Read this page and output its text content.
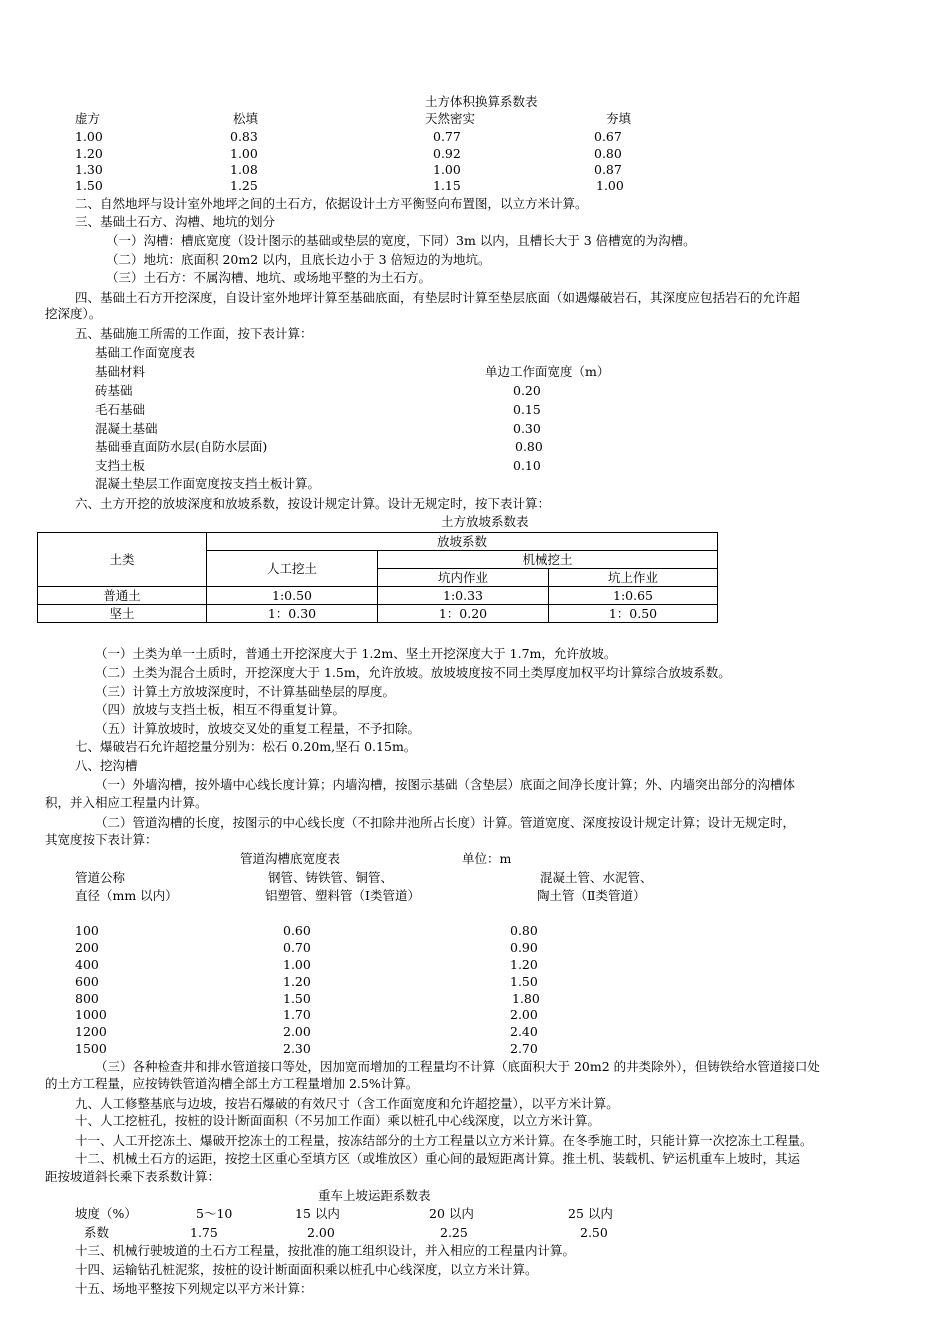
土方体积换算系数表
虚方	松填	天然密实	夯填
1.00	0.83	0.77	0.67
1.20	1.00	0.92	0.80
1.30	1.08	1.00	0.87
1.50	1.25	1.15	1.00
二、自然地坪与设计室外地坪之间的土石方，依据设计土方平衡竖向布置图，以立方米计算。
三、基础土石方、沟槽、地坑的划分
（一）沟槽：槽底宽度（设计图示的基础或垫层的宽度，下同）3m 以内，且槽长大于 3 倍槽宽的为沟槽。
（二）地坑：底面积 20m2 以内，且底长边小于 3 倍短边的为地坑。
（三）土石方：不属沟槽、地坑、或场地平整的为土石方。
四、基础土石方开挖深度，自设计室外地坪计算至基础底面，有垫层时计算至垫层底面（如遇爆破岩石，其深度应包括岩石的允许超
挖深度）。
五、基础施工所需的工作面，按下表计算：
基础工作面宽度表
基础材料	单边工作面宽度（m）
砖基础	0.20
毛石基础	0.15
混凝土基础	0.30
基础垂直面防水层(自防水层面)	0.80
支挡土板	0.10
混凝土垫层工作面宽度按支挡土板计算。
六、土方开挖的放坡深度和放坡系数，按设计规定计算。设计无规定时，按下表计算：
土方放坡系数表
土类	放坡系数		
	人工挖土	机械挖土	
		坑内作业	坑上作业
普通土	1:0.50	1:0.33	1:0.65
坚土	1：0.30	1：0.20	1：0.50
（一）土类为单一土质时，普通土开挖深度大于 1.2m、坚土开挖深度大于 1.7m，允许放坡。
（二）土类为混合土质时，开挖深度大于 1.5m，允许放坡。放坡坡度按不同土类厚度加权平均计算综合放坡系数。
（三）计算土方放坡深度时，不计算基础垫层的厚度。
（四）放坡与支挡土板，相互不得重复计算。
（五）计算放坡时，放坡交叉处的重复工程量，不予扣除。
七、爆破岩石允许超挖量分别为：松石 0.20m,坚石 0.15m。
八、挖沟槽
（一）外墙沟槽，按外墙中心线长度计算；内墙沟槽，按图示基础（含垫层）底面之间净长度计算；外、内墙突出部分的沟槽体
积，并入相应工程量内计算。
（二）管道沟槽的长度，按图示的中心线长度（不扣除井池所占长度）计算。管道宽度、深度按设计规定计算；设计无规定时，
其宽度按下表计算：
管道沟槽底宽度表	单位：m
管道公称	钢管、铸铁管、铜管、	混凝土管、水泥管、
直径（mm 以内）	铝塑管、塑料管（Ⅰ类管道）	陶土管（Ⅱ类管道）
100	0.60	0.80
200	0.70	0.90
400	1.00	1.20
600	1.20	1.50
800	1.50	1.80
1000	1.70	2.00
1200	2.00	2.40
1500	2.30	2.70
（三）各种检查井和排水管道接口等处，因加宽而增加的工程量均不计算（底面积大于 20m2 的井类除外），但铸铁给水管道接口处
的土方工程量，应按铸铁管道沟槽全部土方工程量增加 2.5%计算。
九、人工修整基底与边坡，按岩石爆破的有效尺寸（含工作面宽度和允许超挖量），以平方米计算。
十、人工挖桩孔，按桩的设计断面面积（不另加工作面）乘以桩孔中心线深度，以立方米计算。
十一、人工开挖冻土、爆破开挖冻土的工程量，按冻结部分的土方工程量以立方米计算。在冬季施工时，只能计算一次挖冻土工程量。
十二、机械土石方的运距，按挖土区重心至填方区（或堆放区）重心间的最短距离计算。推土机、装载机、铲运机重车上坡时，其运
距按坡道斜长乘下表系数计算：
重车上坡运距系数表
坡度（%）	5～10	15 以内	20 以内	25 以内
系数	1.75	2.00	2.25	2.50
十三、机械行驶坡道的土石方工程量，按批准的施工组织设计，并入相应的工程量内计算。
十四、运输钻孔桩泥浆，按桩的设计断面面积乘以桩孔中心线深度，以立方米计算。
十五、场地平整按下列规定以平方米计算：
